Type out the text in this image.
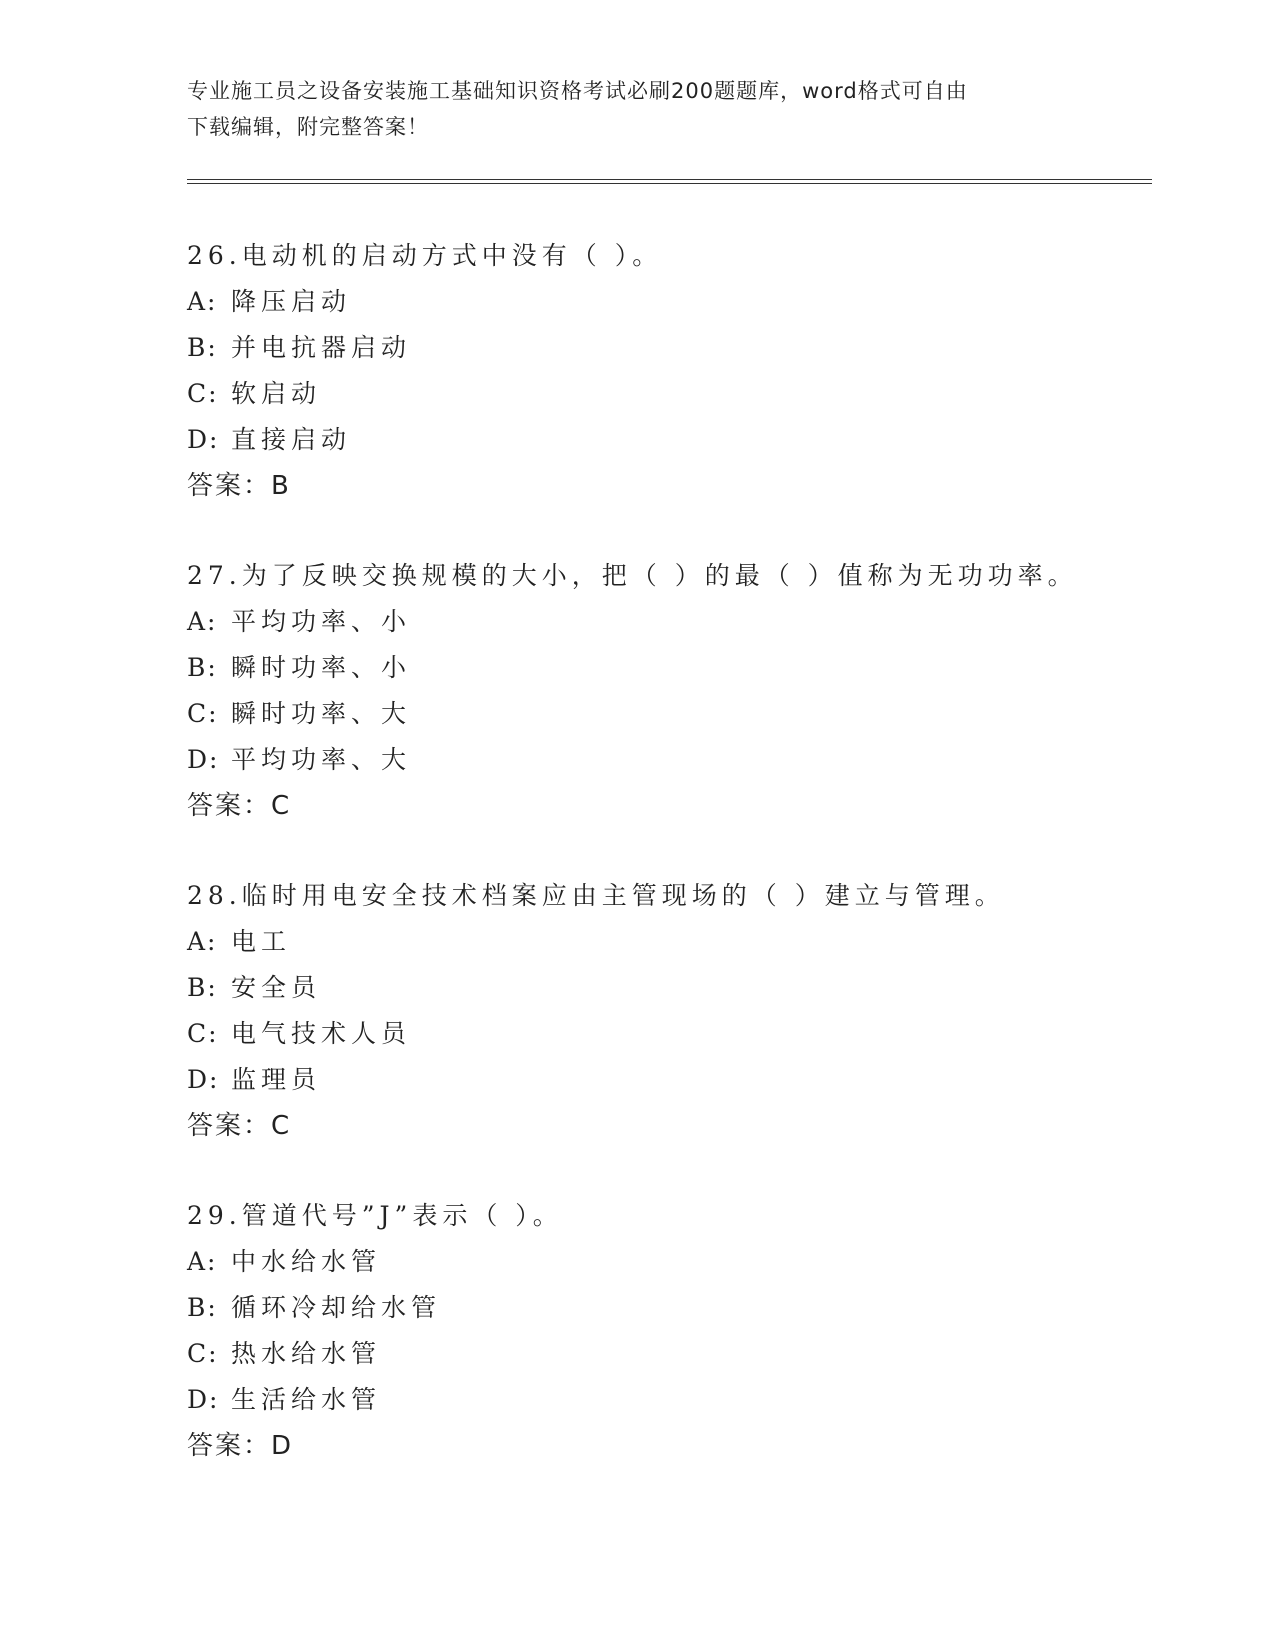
专业施工员之设备安装施工基础知识资格考试必刷200题题库，word格式可自由
下载编辑，附完整答案！
26.电动机的启动方式中没有（ ）。
A: 降压启动
B: 并电抗器启动
C: 软启动
D: 直接启动
答案：B
27.为了反映交换规模的大小，把（ ）的最（ ）值称为无功功率。
A: 平均功率、小
B: 瞬时功率、小
C: 瞬时功率、大
D: 平均功率、大
答案：C
28.临时用电安全技术档案应由主管现场的（ ）建立与管理。
A: 电工
B: 安全员
C: 电气技术人员
D: 监理员
答案：C
29.管道代号”J”表示（ ）。
A: 中水给水管
B: 循环冷却给水管
C: 热水给水管
D: 生活给水管
答案：D
